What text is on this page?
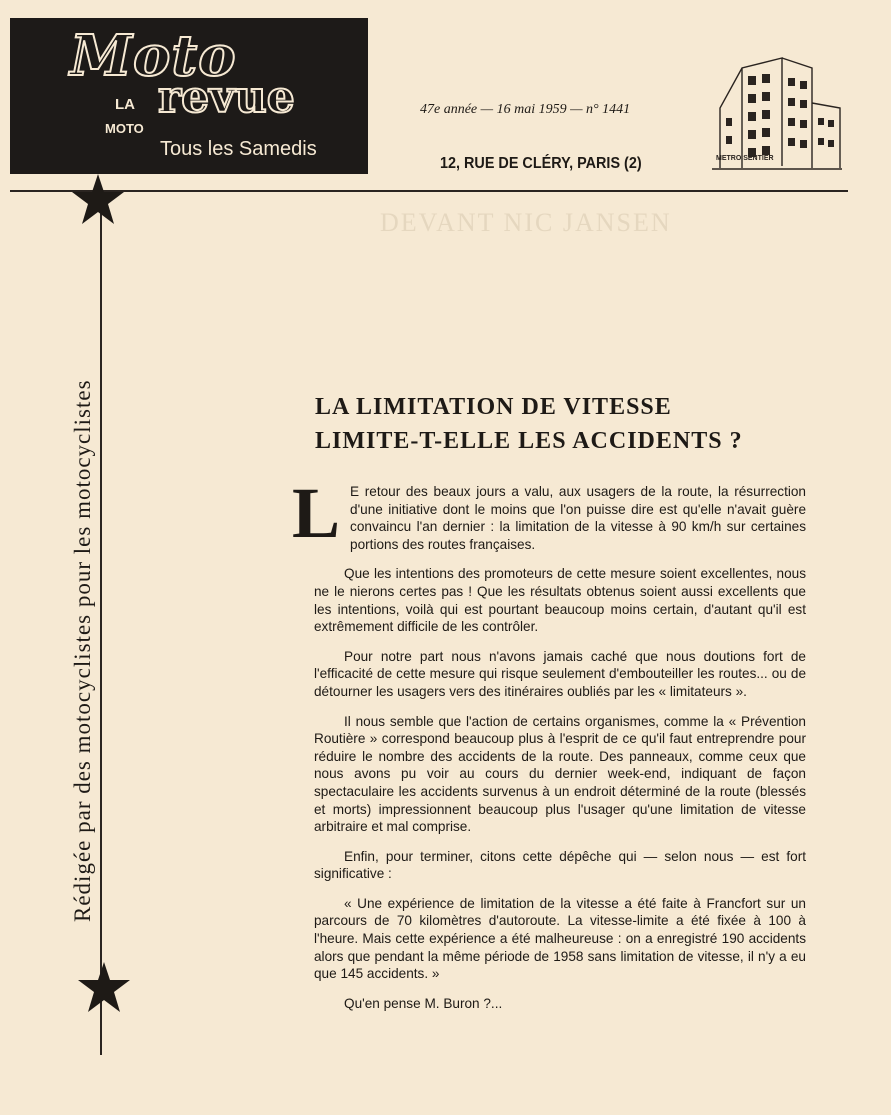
Moto
LA revue
MOTO
Tous les Samedis
47e année — 16 mai 1959 — n° 1441
12, RUE DE CLÉRY, PARIS (2)	METRO SENTIER
Rédigée par des motocyclistes pour les motocyclistes
DEVANT NIC JANSEN
LA LIMITATION DE VITESSE
LIMITE-T-ELLE LES ACCIDENTS ?

L E retour des beaux jours a valu, aux usagers de la route, la résurrection d'une initiative dont le moins que l'on puisse dire est qu'elle n'avait guère convaincu l'an dernier : la limitation de la vitesse à 90 km/h sur certaines portions des routes françaises.

Que les intentions des promoteurs de cette mesure soient excellentes, nous ne le nierons certes pas ! Que les résultats obtenus soient aussi excellents que les intentions, voilà qui est pourtant beaucoup moins certain, d'autant qu'il est extrêmement difficile de les contrôler.

Pour notre part nous n'avons jamais caché que nous doutions fort de l'efficacité de cette mesure qui risque seulement d'embouteiller les routes... ou de détourner les usagers vers des itinéraires oubliés par les « limitateurs ».

Il nous semble que l'action de certains organismes, comme la « Prévention Routière » correspond beaucoup plus à l'esprit de ce qu'il faut entreprendre pour réduire le nombre des accidents de la route. Des panneaux, comme ceux que nous avons pu voir au cours du dernier week-end, indiquant de façon spectaculaire les accidents survenus à un endroit déterminé de la route (blessés et morts) impressionnent beaucoup plus l'usager qu'une limitation de vitesse arbitraire et mal comprise.

Enfin, pour terminer, citons cette dépêche qui — selon nous — est fort significative :

« Une expérience de limitation de la vitesse a été faite à Francfort sur un parcours de 70 kilomètres d'autoroute. La vitesse-limite a été fixée à 100 à l'heure. Mais cette expérience a été malheureuse : on a enregistré 190 accidents alors que pendant la même période de 1958 sans limitation de vitesse, il n'y a eu que 145 accidents. »

Qu'en pense M. Buron ?...
